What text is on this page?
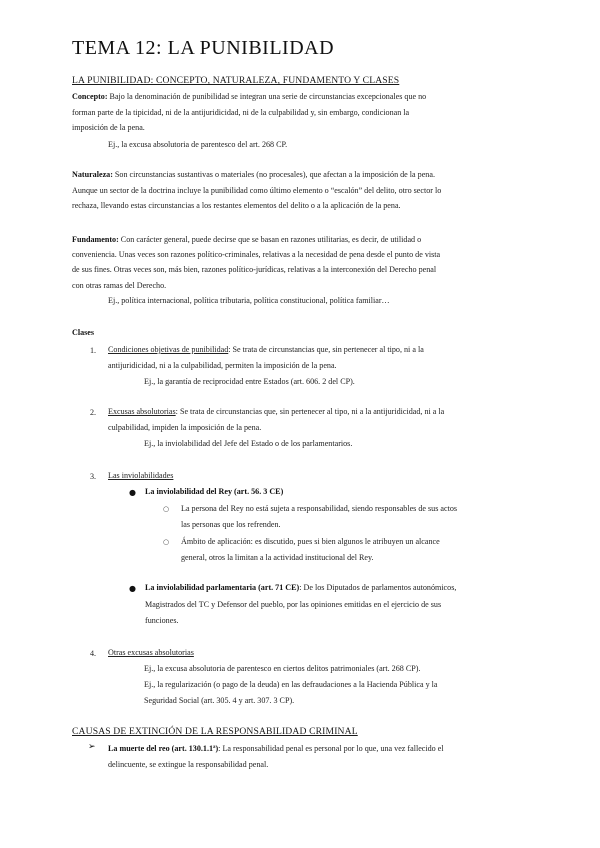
TEMA 12: LA PUNIBILIDAD
LA PUNIBILIDAD: CONCEPTO, NATURALEZA, FUNDAMENTO Y CLASES
Concepto: Bajo la denominación de punibilidad se integran una serie de circunstancias excepcionales que no
forman parte de la tipicidad, ni de la antijuridicidad, ni de la culpabilidad y, sin embargo, condicionan la
imposición de la pena.
Ej., la excusa absolutoria de parentesco del art. 268 CP.
Naturaleza: Son circunstancias sustantivas o materiales (no procesales), que afectan a la imposición de la pena.
Aunque un sector de la doctrina incluye la punibilidad como último elemento o “escalón” del delito, otro sector lo
rechaza, llevando estas circunstancias a los restantes elementos del delito o a la aplicación de la pena.
Fundamento: Con carácter general, puede decirse que se basan en razones utilitarias, es decir, de utilidad o
conveniencia. Unas veces son razones político-criminales, relativas a la necesidad de pena desde el punto de vista
de sus fines. Otras veces son, más bien, razones político-jurídicas, relativas a la interconexión del Derecho penal
con otras ramas del Derecho.
Ej., política internacional, política tributaria, política constitucional, política familiar…
Clases
1. Condiciones objetivas de punibilidad: Se trata de circunstancias que, sin pertenecer al tipo, ni a la
antijuridicidad, ni a la culpabilidad, permiten la imposición de la pena.
Ej., la garantía de reciprocidad entre Estados (art. 606. 2 del CP).
2. Excusas absolutorias: Se trata de circunstancias que, sin pertenecer al tipo, ni a la antijuridicidad, ni a la
culpabilidad, impiden la imposición de la pena.
Ej., la inviolabilidad del Jefe del Estado o de los parlamentarios.
3. Las inviolabilidades
● La inviolabilidad del Rey (art. 56. 3 CE)
○ La persona del Rey no está sujeta a responsabilidad, siendo responsables de sus actos
las personas que los refrenden.
○ Ámbito de aplicación: es discutido, pues si bien algunos le atribuyen un alcance
general, otros la limitan a la actividad institucional del Rey.
● La inviolabilidad parlamentaria (art. 71 CE): De los Diputados de parlamentos autonómicos,
Magistrados del TC y Defensor del pueblo, por las opiniones emitidas en el ejercicio de sus
funciones.
4. Otras excusas absolutorias
Ej., la excusa absolutoria de parentesco en ciertos delitos patrimoniales (art. 268 CP).
Ej., la regularización (o pago de la deuda) en las defraudaciones a la Hacienda Pública y la
Seguridad Social (art. 305. 4 y art. 307. 3 CP).
CAUSAS DE EXTINCIÓN DE LA RESPONSABILIDAD CRIMINAL
➢ La muerte del reo (art. 130.1.1ª): La responsabilidad penal es personal por lo que, una vez fallecido el
delincuente, se extingue la responsabilidad penal.
